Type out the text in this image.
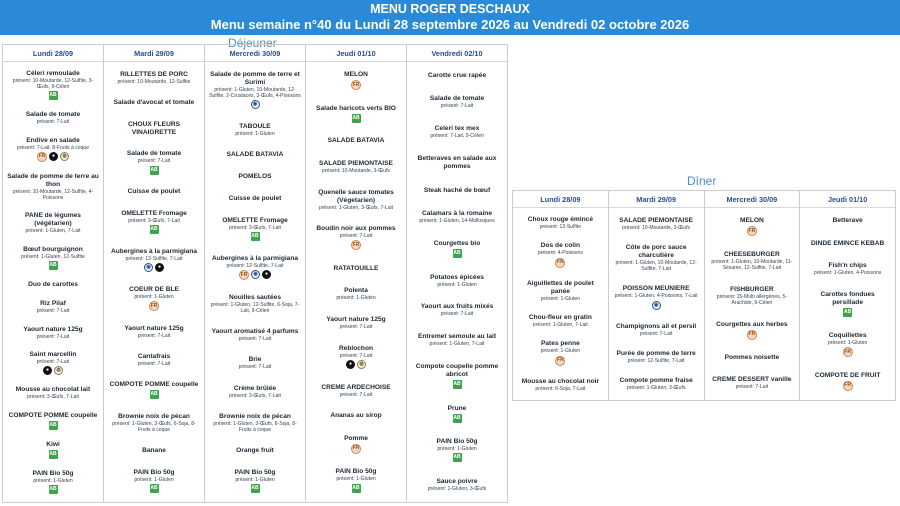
MENU ROGER DESCHAUX
Menu semaine n°40 du Lundi 28 septembre 2026 au Vendredi 02 octobre 2026
Déjeuner
Lundi 28/09
Céleri remoulade
présent: 10-Moutarde, 12-Sulfite, 3-Œufs, 9-Céleri
AB
Salade de tomate
présent: 7-Lait
Endive en salade
présent: 7-Lait, 8-Fruits à coque
FR	●	◍
Salade de pomme de terre au thon
présent: 10-Moutarde, 12-Sulfite, 4-Poissons
PANE de légumes (végétarien)
présent: 1-Gluten, 7-Lait
Bœuf bourguignon
présent: 1-Gluten, 12-Sulfite
AB
Duo de carottes
Riz Pilaf
présent: 7-Lait
Yaourt nature 125g
présent: 7-Lait
Saint marcellin
présent: 7-Lait
●	◍
Mousse au chocolat lait
présent: 3-Œufs, 7-Lait
COMPOTE POMME coupelle
AB
Kiwi
AB
PAIN Bio 50g
présent: 1-Gluten
AB
Mardi 29/09
RILLETTES DE PORC
présent: 10-Moutarde, 12-Sulfite
Salade d'avocat et tomate
CHOUX FLEURS VINAIGRETTE
Salade de tomate
présent: 7-Lait
AB
Cuisse de poulet
OMELETTE Fromage
présent: 3-Œufs, 7-Lait
AB
Aubergines à la parmigiana
présent: 12-Sulfite, 7-Lait
◉	●
COEUR DE BLE
présent: 1-Gluten
FR
Yaourt nature 125g
présent: 7-Lait
Cantafrais
présent: 7-Lait
COMPOTE POMME coupelle
AB
Brownie noix de pécan
présent: 1-Gluten, 3-Œufs, 6-Soja, 8-Fruits à coque
Banane
PAIN Bio 50g
présent: 1-Gluten
AB
Mercredi 30/09
Salade de pomme de terre et Surimi
présent: 1-Gluten, 10-Moutarde, 12-Sulfite, 2-Crustacés, 3-Œufs, 4-Poissons
◉
TABOULE
présent: 1-Gluten
SALADE BATAVIA
POMELOS
Cuisse de poulet
OMELETTE Fromage
présent: 3-Œufs, 7-Lait
AB
Aubergines à la parmigiana
présent: 12-Sulfite, 7-Lait
FR	◉	●
Nouilles sautées
présent: 1-Gluten, 12-Sulfite, 6-Soja, 7-Lait, 9-Céleri
Yaourt aromatisé 4 parfums
présent: 7-Lait
Brie
présent: 7-Lait
Crème brûlée
présent: 3-Œufs, 7-Lait
Brownie noix de pécan
présent: 1-Gluten, 3-Œufs, 6-Soja, 8-Fruits à coque
Orange fruit
PAIN Bio 50g
présent: 1-Gluten
AB
Jeudi 01/10
MELON
FR
Salade haricots verts BIO
AB
SALADE BATAVIA
SALADE PIEMONTAISE
présent: 10-Moutarde, 3-Œufs
Quenelle sauce tomates (Végetarien)
présent: 1-Gluten, 3-Œufs, 7-Lait
Boudin noir aux pommes
présent: 7-Lait
FR
RATATOUILLE
Polenta
présent: 1-Gluten
Yaourt nature 125g
présent: 7-Lait
Reblochon
présent: 7-Lait
●	◍
CREME ARDECHOISE
présent: 7-Lait
Ananas au sirop
Pomme
FR
PAIN Bio 50g
présent: 1-Gluten
AB
Vendredi 02/10
Carotte crue rapée
Salade de tomate
présent: 7-Lait
Celeri tex mex
présent: 7-Lait, 9-Céleri
Betteraves en salade aux pommes
Steak haché de bœuf
Calamars à la romaine
présent: 1-Gluten, 14-Mollusques
Courgettes bio
AB
Potatoes épicées
présent: 1-Gluten
Yaourt aux fruits mixés
présent: 7-Lait
Entremet semoule au lait
présent: 1-Gluten, 7-Lait
Compote coupelle pomme abricot
AB
Prune
AB
PAIN Bio 50g
présent: 1-Gluten
AB
Sauce poivre
présent: 1-Gluten, 3-Œufs
Dîner
Lundi 28/09
Choux rouge émincé
présent: 12-Sulfite
Dos de colin
présent: 4-Poissons
FR
Aiguillettes de poulet panée
présent: 1-Gluten
Chou-fleur en gratin
présent: 1-Gluten, 7-Lait
Pates penne
présent: 1-Gluten
FR
Mousse au chocolat noir
présent: 6-Soja, 7-Lait
Mardi 29/09
SALADE PIEMONTAISE
présent: 10-Moutarde, 3-Œufs
Côte de porc sauce charcutière
présent: 1-Gluten, 10-Moutarde, 12-Sulfite, 7-Lait
POISSON MEUNIERE
présent: 1-Gluten, 4-Poissons, 7-Lait
◉
Champignons ail et persil
présent: 7-Lait
Purée de pomme de terre
présent: 12-Sulfite, 7-Lait
Compote pomme fraise
présent: 1-Gluten, 3-Œufs
Mercredi 30/09
MELON
FR
CHEESEBURGER
présent: 1-Gluten, 10-Moutarde, 11-Sésame, 12-Sulfite, 7-Lait
FISHBURGER
présent: 15-Multi allergènes, 5-Arachide, 9-Céleri
Courgettes aux herbes
FR
Pommes noisette
CREME DESSERT vanille
présent: 7-Lait
Jeudi 01/10
Betterave
DINDE EMINCE KEBAB
Fish'n chips
présent: 1-Gluten, 4-Poissons
Carottes fondues persillade
AB
Coquillettes
présent: 1-Gluten
FR
COMPOTE DE FRUIT
FR
